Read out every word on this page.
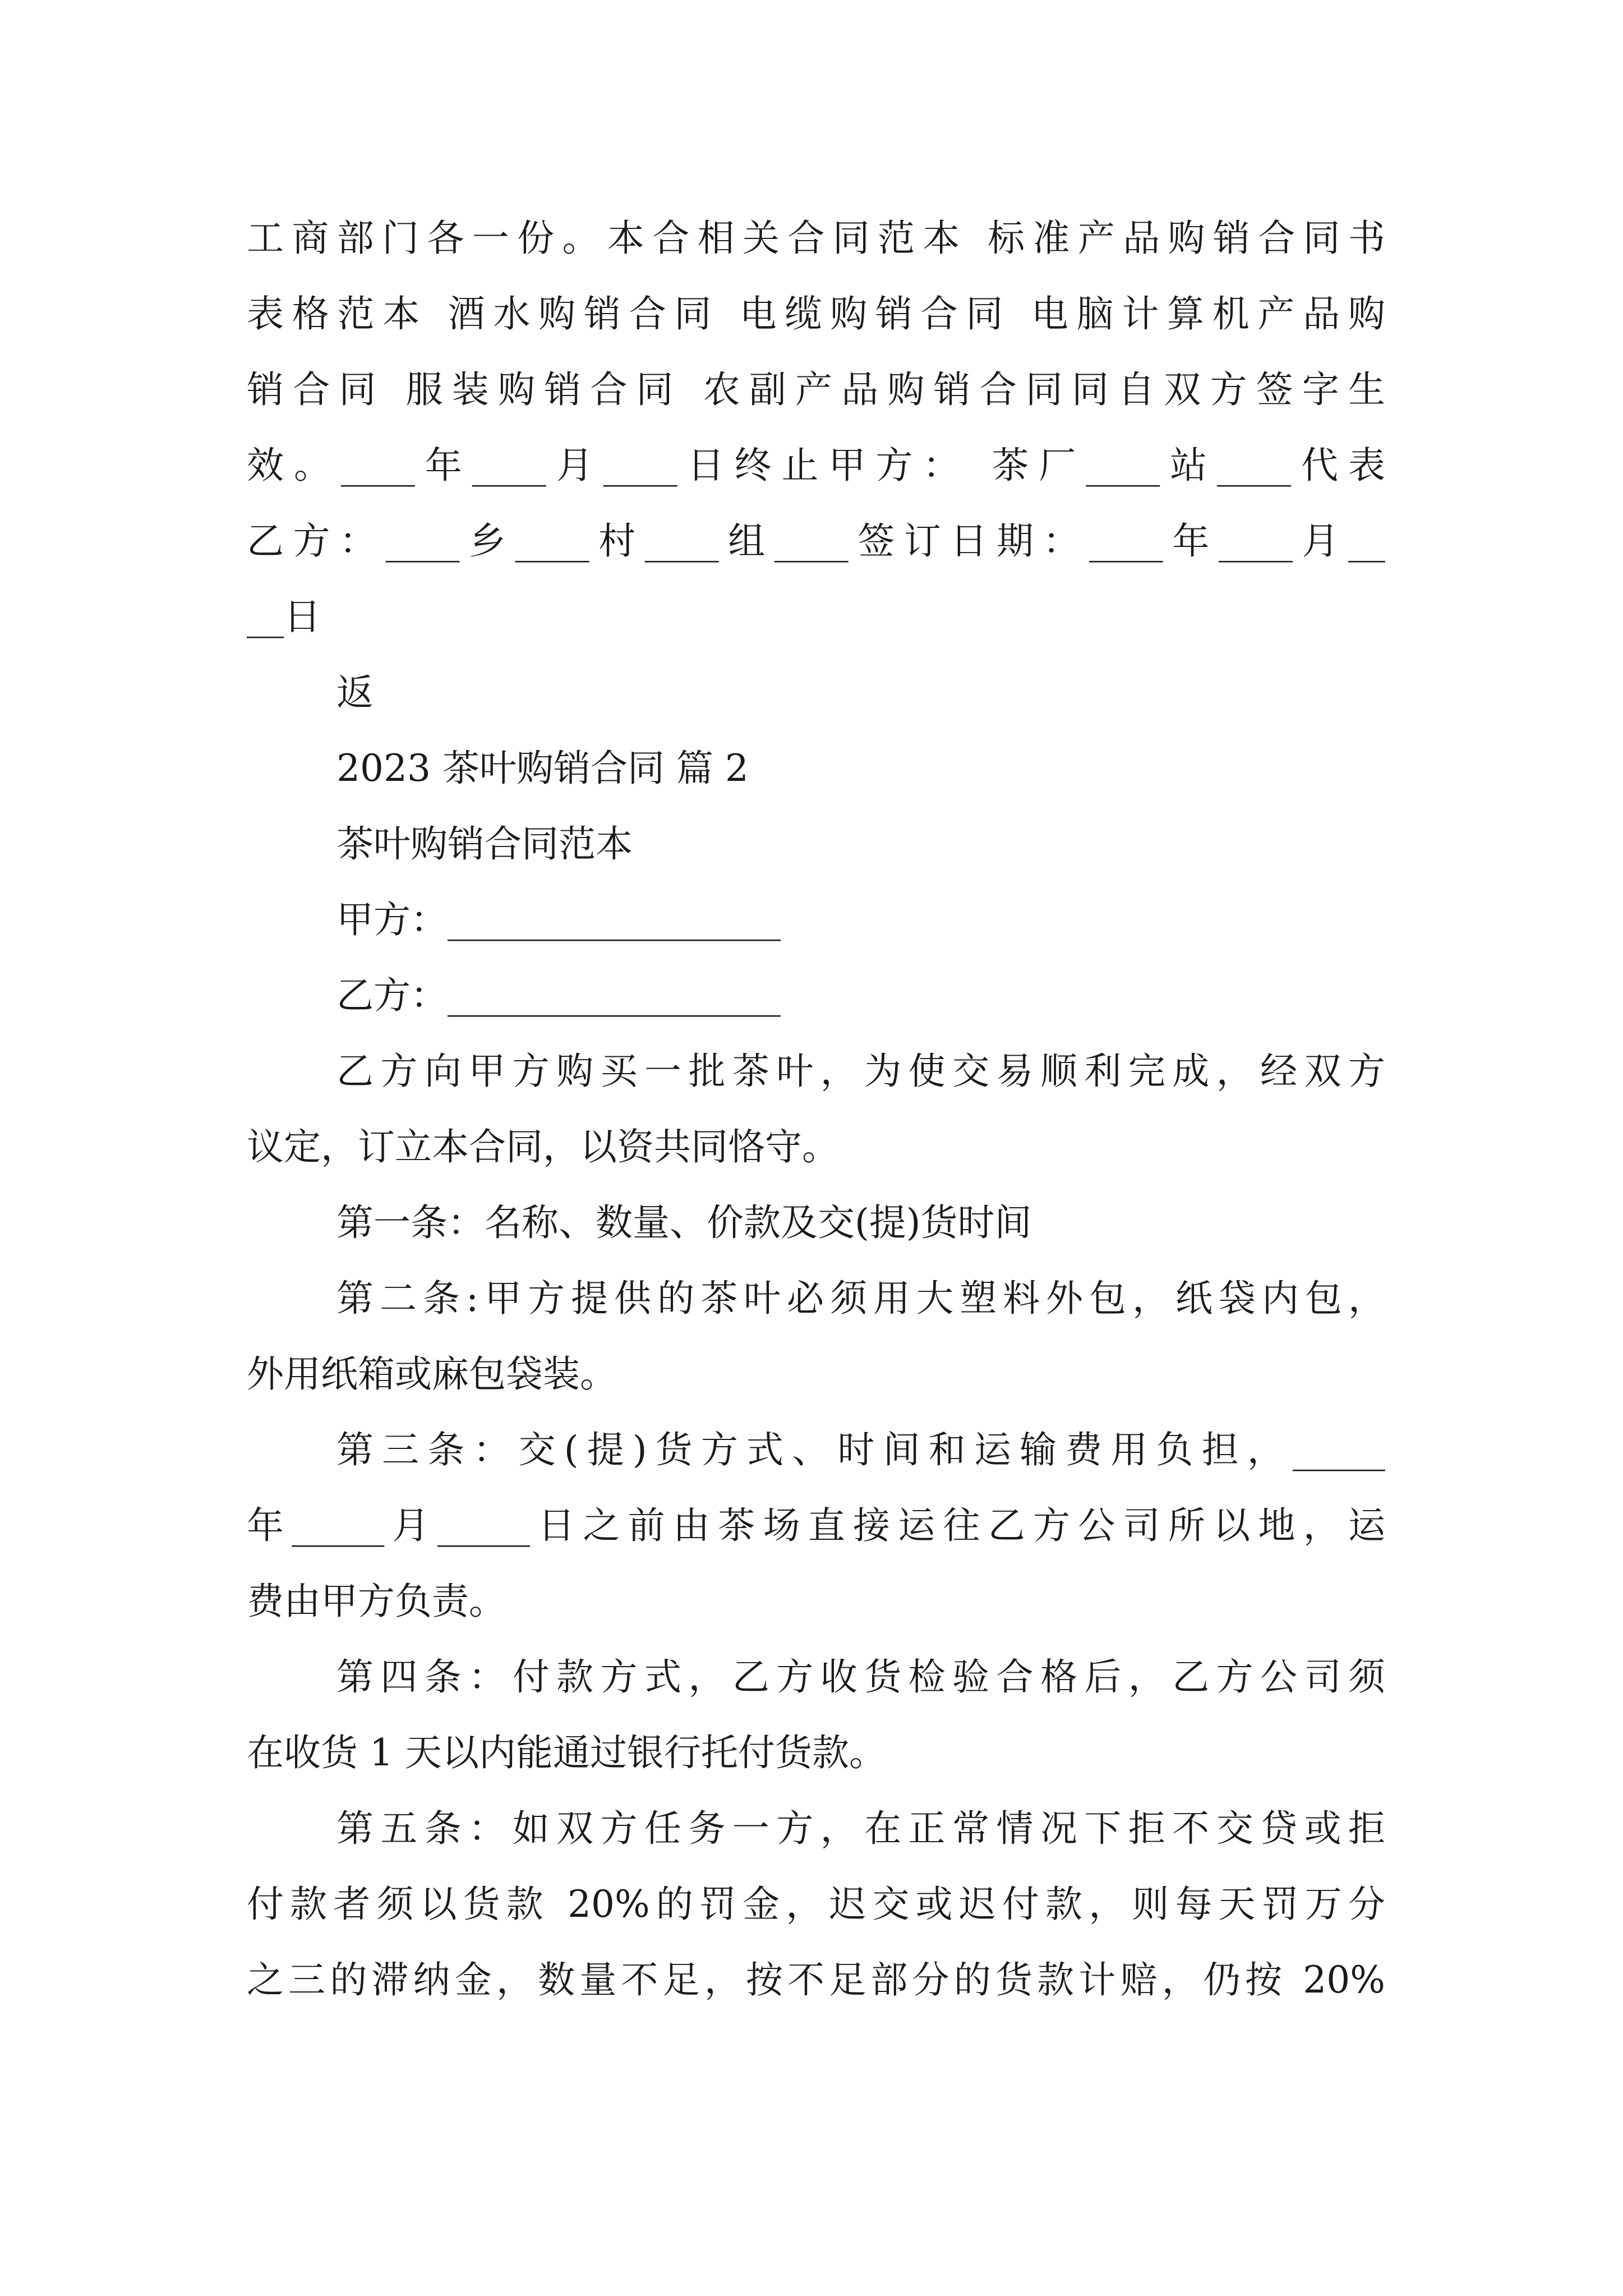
工商部门各一份。本合相关合同范本 标准产品购销合同书
表格范本 酒水购销合同 电缆购销合同 电脑计算机产品购
销合同 服装购销合同 农副产品购销合同同自双方签字生
效。____年____月____日终止甲方： 茶厂____站____代表
乙方：____乡____村____组____签订日期：____年____月__
__日
返
2023 茶叶购销合同 篇 2
茶叶购销合同范本
甲方：__________________
乙方：__________________
乙方向甲方购买一批茶叶，为使交易顺利完成，经双方
议定，订立本合同，以资共同恪守。
第一条：名称、数量、价款及交(提)货时间
第二条:甲方提供的茶叶必须用大塑料外包，纸袋内包，
外用纸箱或麻包袋装。
第三条：交(提)货方式、时间和运输费用负担，_____
年_____月_____日之前由茶场直接运往乙方公司所以地，运
费由甲方负责。
第四条：付款方式，乙方收货检验合格后，乙方公司须
在收货 1 天以内能通过银行托付货款。
第五条：如双方任务一方，在正常情况下拒不交贷或拒
付款者须以货款 20%的罚金，迟交或迟付款，则每天罚万分
之三的滞纳金，数量不足，按不足部分的货款计赔，仍按 20%
